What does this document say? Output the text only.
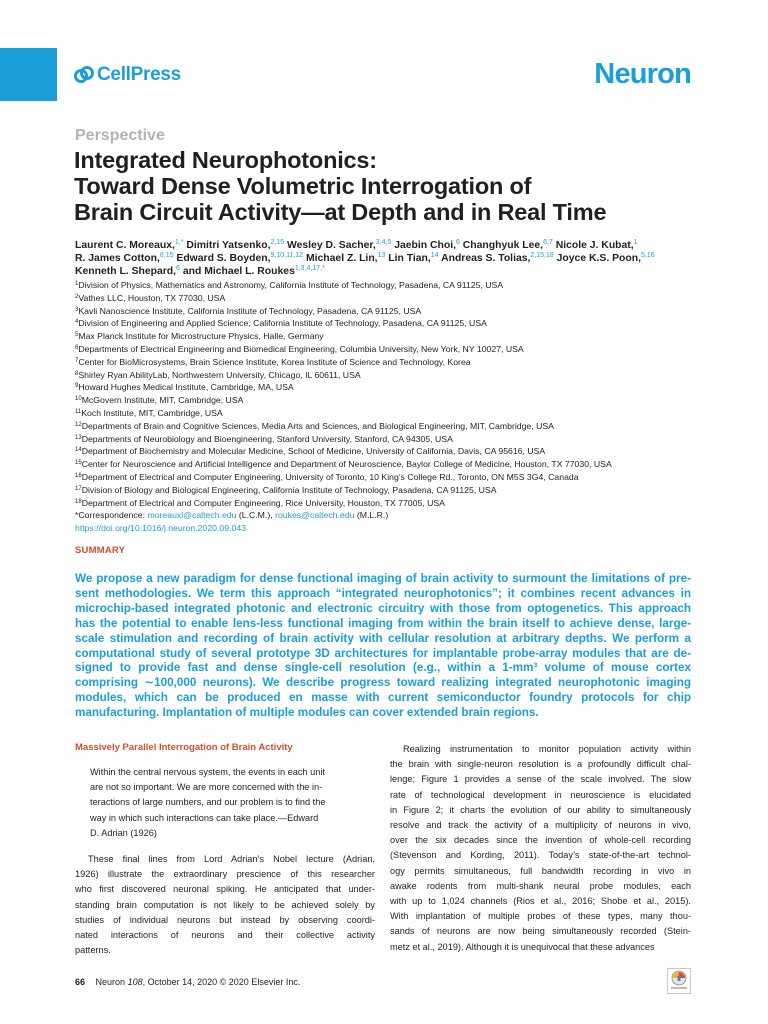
CellPress	Neuron
Perspective
Integrated Neurophotonics:
Toward Dense Volumetric Interrogation of
Brain Circuit Activity—at Depth and in Real Time
Laurent C. Moreaux,$^{1,*}$ Dimitri Yatsenko,$^{2,15}$ Wesley D. Sacher,$^{3,4,5}$ Jaebin Choi,$^6$ Changhyuk Lee,$^{6,7}$ Nicole J. Kubat,$^1$
R. James Cotton,$^{8,15}$ Edward S. Boyden,$^{9,10,11,12}$ Michael Z. Lin,$^{13}$ Lin Tian,$^{14}$ Andreas S. Tolias,$^{2,15,18}$ Joyce K.S. Poon,$^{5,16}$
Kenneth L. Shepard,$^6$ and Michael L. Roukes$^{1,3,4,17,*}$
$^1$Division of Physics, Mathematics and Astronomy, California Institute of Technology, Pasadena, CA 91125, USA
$^2$Vathes LLC, Houston, TX 77030, USA
$^3$Kavli Nanoscience Institute, California Institute of Technology, Pasadena, CA 91125, USA
$^4$Division of Engineering and Applied Science, California Institute of Technology, Pasadena, CA 91125, USA
$^5$Max Planck Institute for Microstructure Physics, Halle, Germany
$^6$Departments of Electrical Engineering and Biomedical Engineering, Columbia University, New York, NY 10027, USA
$^7$Center for BioMicrosystems, Brain Science Institute, Korea Institute of Science and Technology, Korea
$^8$Shirley Ryan AbilityLab, Northwestern University, Chicago, IL 60611, USA
$^9$Howard Hughes Medical Institute, Cambridge, MA, USA
$^{10}$McGovern Institute, MIT, Cambridge, USA
$^{11}$Koch Institute, MIT, Cambridge, USA
$^{12}$Departments of Brain and Cognitive Sciences, Media Arts and Sciences, and Biological Engineering, MIT, Cambridge, USA
$^{13}$Departments of Neurobiology and Bioengineering, Stanford University, Stanford, CA 94305, USA
$^{14}$Department of Biochemistry and Molecular Medicine, School of Medicine, University of California, Davis, CA 95616, USA
$^{15}$Center for Neuroscience and Artificial Intelligence and Department of Neuroscience, Baylor College of Medicine, Houston, TX 77030, USA
$^{16}$Department of Electrical and Computer Engineering, University of Toronto, 10 King’s College Rd., Toronto, ON M5S 3G4, Canada
$^{17}$Division of Biology and Biological Engineering, California Institute of Technology, Pasadena, CA 91125, USA
$^{18}$Department of Electrical and Computer Engineering, Rice University, Houston, TX 77005, USA
*Correspondence: moreauxl@caltech.edu (L.C.M.), roukes@caltech.edu (M.L.R.)
https://doi.org/10.1016/j.neuron.2020.09.043
SUMMARY
We propose a new paradigm for dense functional imaging of brain activity to surmount the limitations of pre-
sent methodologies. We term this approach “integrated neurophotonics”; it combines recent advances in
microchip-based integrated photonic and electronic circuitry with those from optogenetics. This approach
has the potential to enable lens-less functional imaging from within the brain itself to achieve dense, large-
scale stimulation and recording of brain activity with cellular resolution at arbitrary depths. We perform a
computational study of several prototype 3D architectures for implantable probe-array modules that are de-
signed to provide fast and dense single-cell resolution (e.g., within a 1-mm³ volume of mouse cortex
comprising ∼100,000 neurons). We describe progress toward realizing integrated neurophotonic imaging
modules, which can be produced en masse with current semiconductor foundry protocols for chip
manufacturing. Implantation of multiple modules can cover extended brain regions.
Massively Parallel Interrogation of Brain Activity
Within the central nervous system, the events in each unit
are not so important. We are more concerned with the in-
teractions of large numbers, and our problem is to find the
way in which such interactions can take place.—Edward
D. Adrian (1926)
These final lines from Lord Adrian’s Nobel lecture (Adrian,
1926) illustrate the extraordinary prescience of this researcher
who first discovered neuronal spiking. He anticipated that under-
standing brain computation is not likely to be achieved solely by
studies of individual neurons but instead by observing coordi-
nated interactions of neurons and their collective activity
patterns.
Realizing instrumentation to monitor population activity within
the brain with single-neuron resolution is a profoundly difficult chal-
lenge; Figure 1 provides a sense of the scale involved. The slow
rate of technological development in neuroscience is elucidated
in Figure 2; it charts the evolution of our ability to simultaneously
resolve and track the activity of a multiplicity of neurons in vivo,
over the six decades since the invention of whole-cell recording
(Stevenson and Kording, 2011). Today’s state-of-the-art technol-
ogy permits simultaneous, full bandwidth recording in vivo in
awake rodents from multi-shank neural probe modules, each
with up to 1,024 channels (Rios et al., 2016; Shobe et al., 2015).
With implantation of multiple probes of these types, many thou-
sands of neurons are now being simultaneously recorded (Stein-
metz et al., 2019). Although it is unequivocal that these advances
66 Neuron 108, October 14, 2020 © 2020 Elsevier Inc.
